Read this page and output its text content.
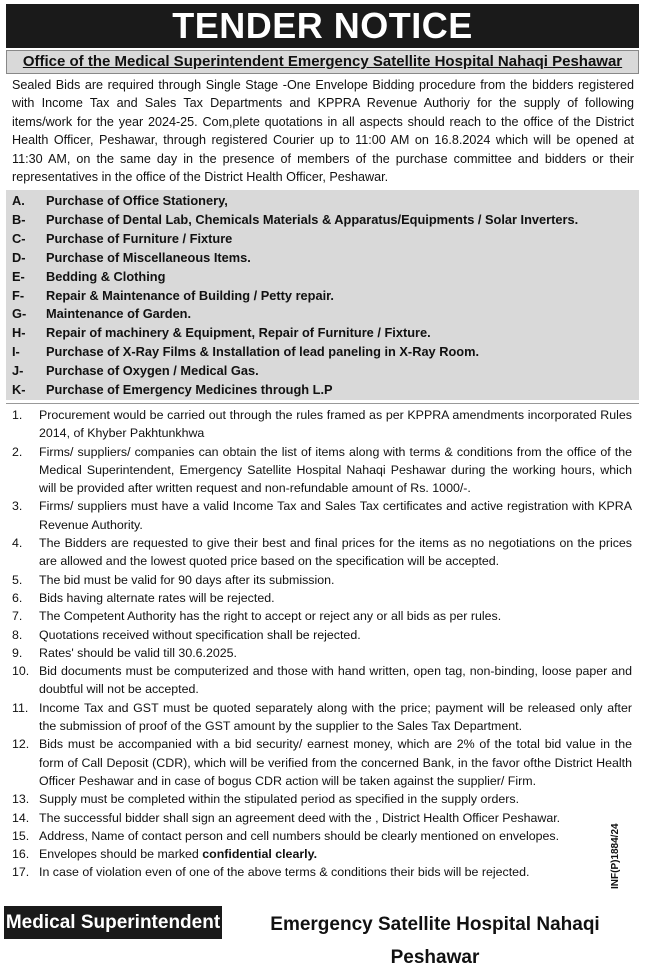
TENDER NOTICE
Office of the Medical Superintendent Emergency Satellite Hospital Nahaqi Peshawar
Sealed Bids are required through Single Stage -One Envelope Bidding procedure from the bidders registered with Income Tax and Sales Tax Departments and KPPRA Revenue Authoriy for the supply of following items/work for the year 2024-25. Com,plete quotations in all aspects should reach to the office of the District Health Officer, Peshawar, through registered Courier up to 11:00 AM on 16.8.2024 which will be opened at 11:30 AM, on the same day in the presence of members of the purchase committee and bidders or their representatives in the office of the District Health Officer, Peshawar.
A.	Purchase of Office Stationery,
B-	Purchase of Dental Lab, Chemicals Materials & Apparatus/Equipments / Solar Inverters.
C-	Purchase of Furniture / Fixture
D-	Purchase of Miscellaneous Items.
E-	Bedding & Clothing
F-	Repair & Maintenance of Building / Petty repair.
G-	Maintenance of Garden.
H-	Repair of machinery & Equipment, Repair of Furniture / Fixture.
I-	Purchase of X-Ray Films & Installation of lead paneling in X-Ray Room.
J-	Purchase of Oxygen / Medical Gas.
K-	Purchase of Emergency Medicines through L.P
1.	Procurement would be carried out through the rules framed as per KPPRA amendments incorporated Rules 2014, of Khyber Pakhtunkhwa
2.	Firms/ suppliers/ companies can obtain the list of items along with terms & conditions from the office of the Medical Superintendent, Emergency Satellite Hospital Nahaqi Peshawar during the working hours, which will be provided after written request and non-refundable amount of Rs. 1000/-.
3.	Firms/ suppliers must have a valid Income Tax and Sales Tax certificates and active registration with KPRA Revenue Authority.
4.	The Bidders are requested to give their best and final prices for the items as no negotiations on the prices are allowed and the lowest quoted price based on the specification will be accepted.
5.	The bid must be valid for 90 days after its submission.
6.	Bids having alternate rates will be rejected.
7.	The Competent Authority has the right to accept or reject any or all bids as per rules.
8.	Quotations received without specification shall be rejected.
9.	Rates' should be valid till 30.6.2025.
10. Bid documents must be computerized and those with hand written, open tag, non-binding, loose paper and doubtful will not be accepted.
11. Income Tax and GST must be quoted separately along with the price; payment will be released only after the submission of proof of the GST amount by the supplier to the Sales Tax Department.
12. Bids must be accompanied with a bid security/ earnest money, which are 2% of the total bid value in the form of Call Deposit (CDR), which will be verified from the concerned Bank, in the favor ofthe District Health Officer Peshawar and in case of bogus CDR action will be taken against the supplier/ Firm.
13. Supply must be completed within the stipulated period as specified in the supply orders.
14. The successful bidder shall sign an agreement deed with the , District Health Officer Peshawar.
15. Address, Name of contact person and cell numbers should be clearly mentioned on envelopes.
16. Envelopes should be marked confidential clearly.
17. In case of violation even of one of the above terms & conditions their bids will be rejected.	INF(P)1884/24
Medical Superintendent	Emergency Satellite Hospital Nahaqi Peshawar
